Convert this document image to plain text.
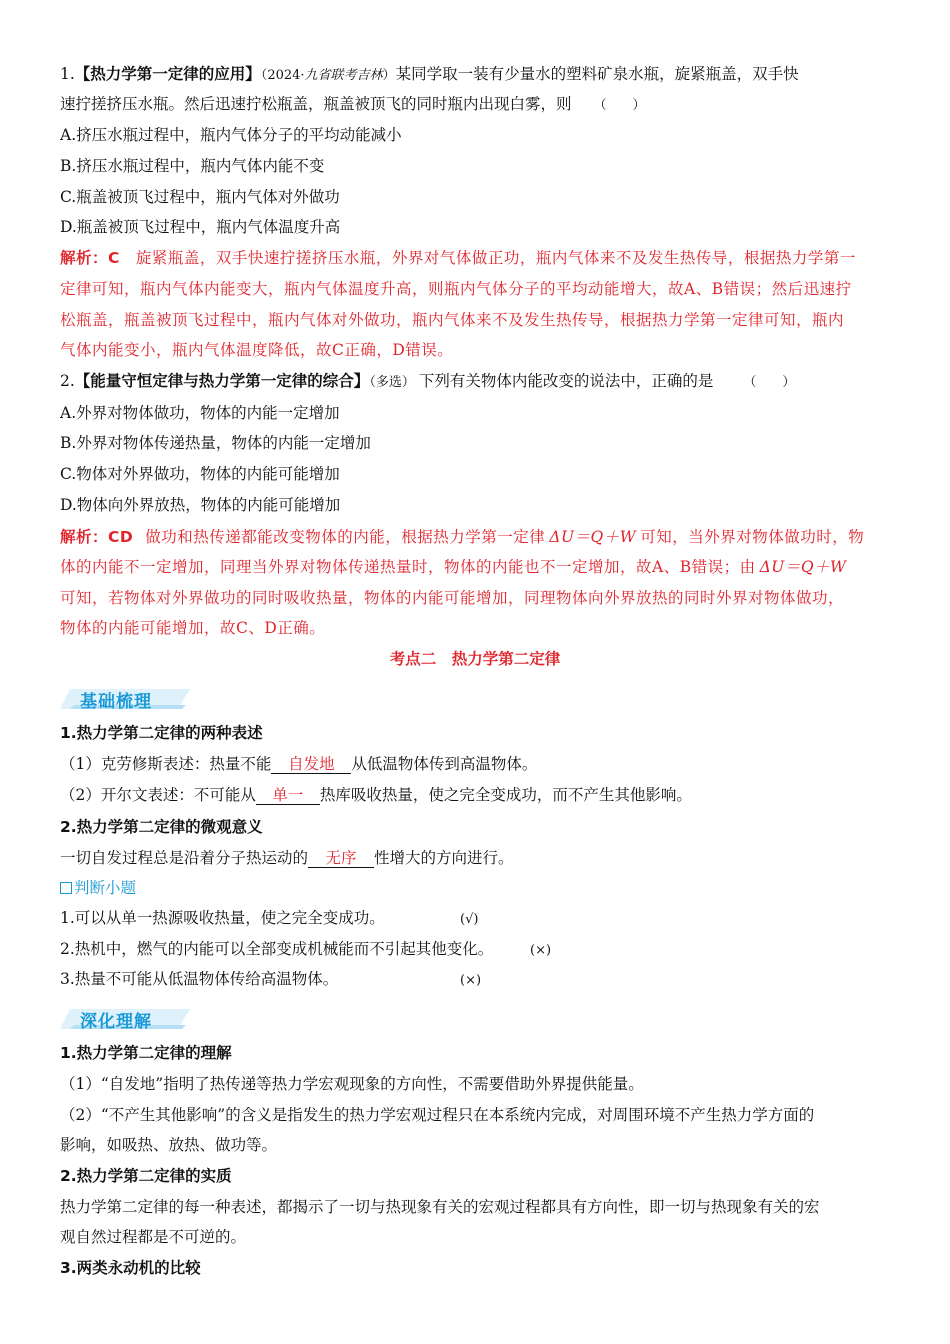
1.【热力学第一定律的应用】（2024·九省联考吉林）某同学取一装有少量水的塑料矿泉水瓶，旋紧瓶盖，双手快
速拧搓挤压水瓶。然后迅速拧松瓶盖，瓶盖被顶飞的同时瓶内出现白雾，则 （　　）
A.挤压水瓶过程中，瓶内气体分子的平均动能减小
B.挤压水瓶过程中，瓶内气体内能不变
C.瓶盖被顶飞过程中，瓶内气体对外做功
D.瓶盖被顶飞过程中，瓶内气体温度升高
解析：C 旋紧瓶盖，双手快速拧搓挤压水瓶，外界对气体做正功，瓶内气体来不及发生热传导，根据热力学第一
定律可知，瓶内气体内能变大，瓶内气体温度升高，则瓶内气体分子的平均动能增大，故A、B错误；然后迅速拧
松瓶盖，瓶盖被顶飞过程中，瓶内气体对外做功，瓶内气体来不及发生热传导，根据热力学第一定律可知，瓶内
气体内能变小，瓶内气体温度降低，故C正确，D错误。
2.【能量守恒定律与热力学第一定律的综合】（多选） 下列有关物体内能改变的说法中，正确的是 （　　）
A.外界对物体做功，物体的内能一定增加
B.外界对物体传递热量，物体的内能一定增加
C.物体对外界做功，物体的内能可能增加
D.物体向外界放热，物体的内能可能增加
解析：CD 做功和热传递都能改变物体的内能，根据热力学第一定律 ΔU＝Q＋W 可知，当外界对物体做功时，物
体的内能不一定增加，同理当外界对物体传递热量时，物体的内能也不一定增加，故A、B错误；由 ΔU＝Q＋W
可知，若物体对外界做功的同时吸收热量，物体的内能可能增加，同理物体向外界放热的同时外界对物体做功，
物体的内能可能增加，故C、D正确。
考点二　热力学第二定律
基础梳理
1.热力学第二定律的两种表述
（1）克劳修斯表述：热量不能 自发地 从低温物体传到高温物体。
（2）开尔文表述：不可能从 单一 热库吸收热量，使之完全变成功，而不产生其他影响。
2.热力学第二定律的微观意义
一切自发过程总是沿着分子热运动的 无序 性增大的方向进行。
判断小题
1.可以从单一热源吸收热量，使之完全变成功。	(√)
2.热机中，燃气的内能可以全部变成机械能而不引起其他变化。	(×)
3.热量不可能从低温物体传给高温物体。	(×)
深化理解
1.热力学第二定律的理解
（1）“自发地”指明了热传递等热力学宏观现象的方向性，不需要借助外界提供能量。
（2）“不产生其他影响”的含义是指发生的热力学宏观过程只在本系统内完成，对周围环境不产生热力学方面的
影响，如吸热、放热、做功等。
2.热力学第二定律的实质
热力学第二定律的每一种表述，都揭示了一切与热现象有关的宏观过程都具有方向性，即一切与热现象有关的宏
观自然过程都是不可逆的。
3.两类永动机的比较
